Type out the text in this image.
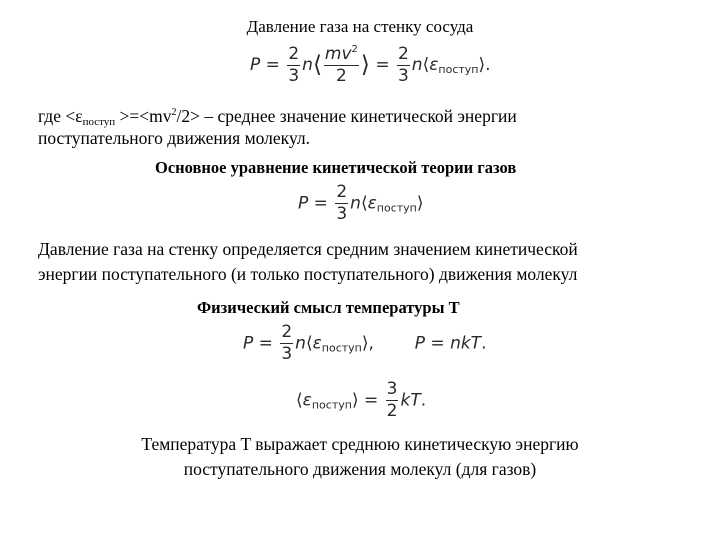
Давление газа на стенку сосуда
$P = \frac{2}{3}$ n⟨ $\frac{mv^2}{2}$ ⟩ = $\frac{2}{3}$ $n⟨\varepsilon_{поступ}⟩$.
где $<\varepsilon_{поступ} >=<mv^2/2>$ – среднее значение кинетической энергии
поступательного движения молекул.
Основное уравнение кинетической теории газов
$P = \frac{2}{3}$ $n⟨\varepsilon_{поступ}⟩$
Давление газа на стенку определяется средним значением кинетической
энергии поступательного (и только поступательного) движения молекул
Физический смысл температуры T
$P = \frac{2}{3}$ $n⟨\varepsilon_{поступ}⟩$, P = nkT.
$⟨\varepsilon_{поступ}⟩ = \frac{3}{2}$ kT.
Температура T выражает среднюю кинетическую энергию
поступательного движения молекул (для газов)
